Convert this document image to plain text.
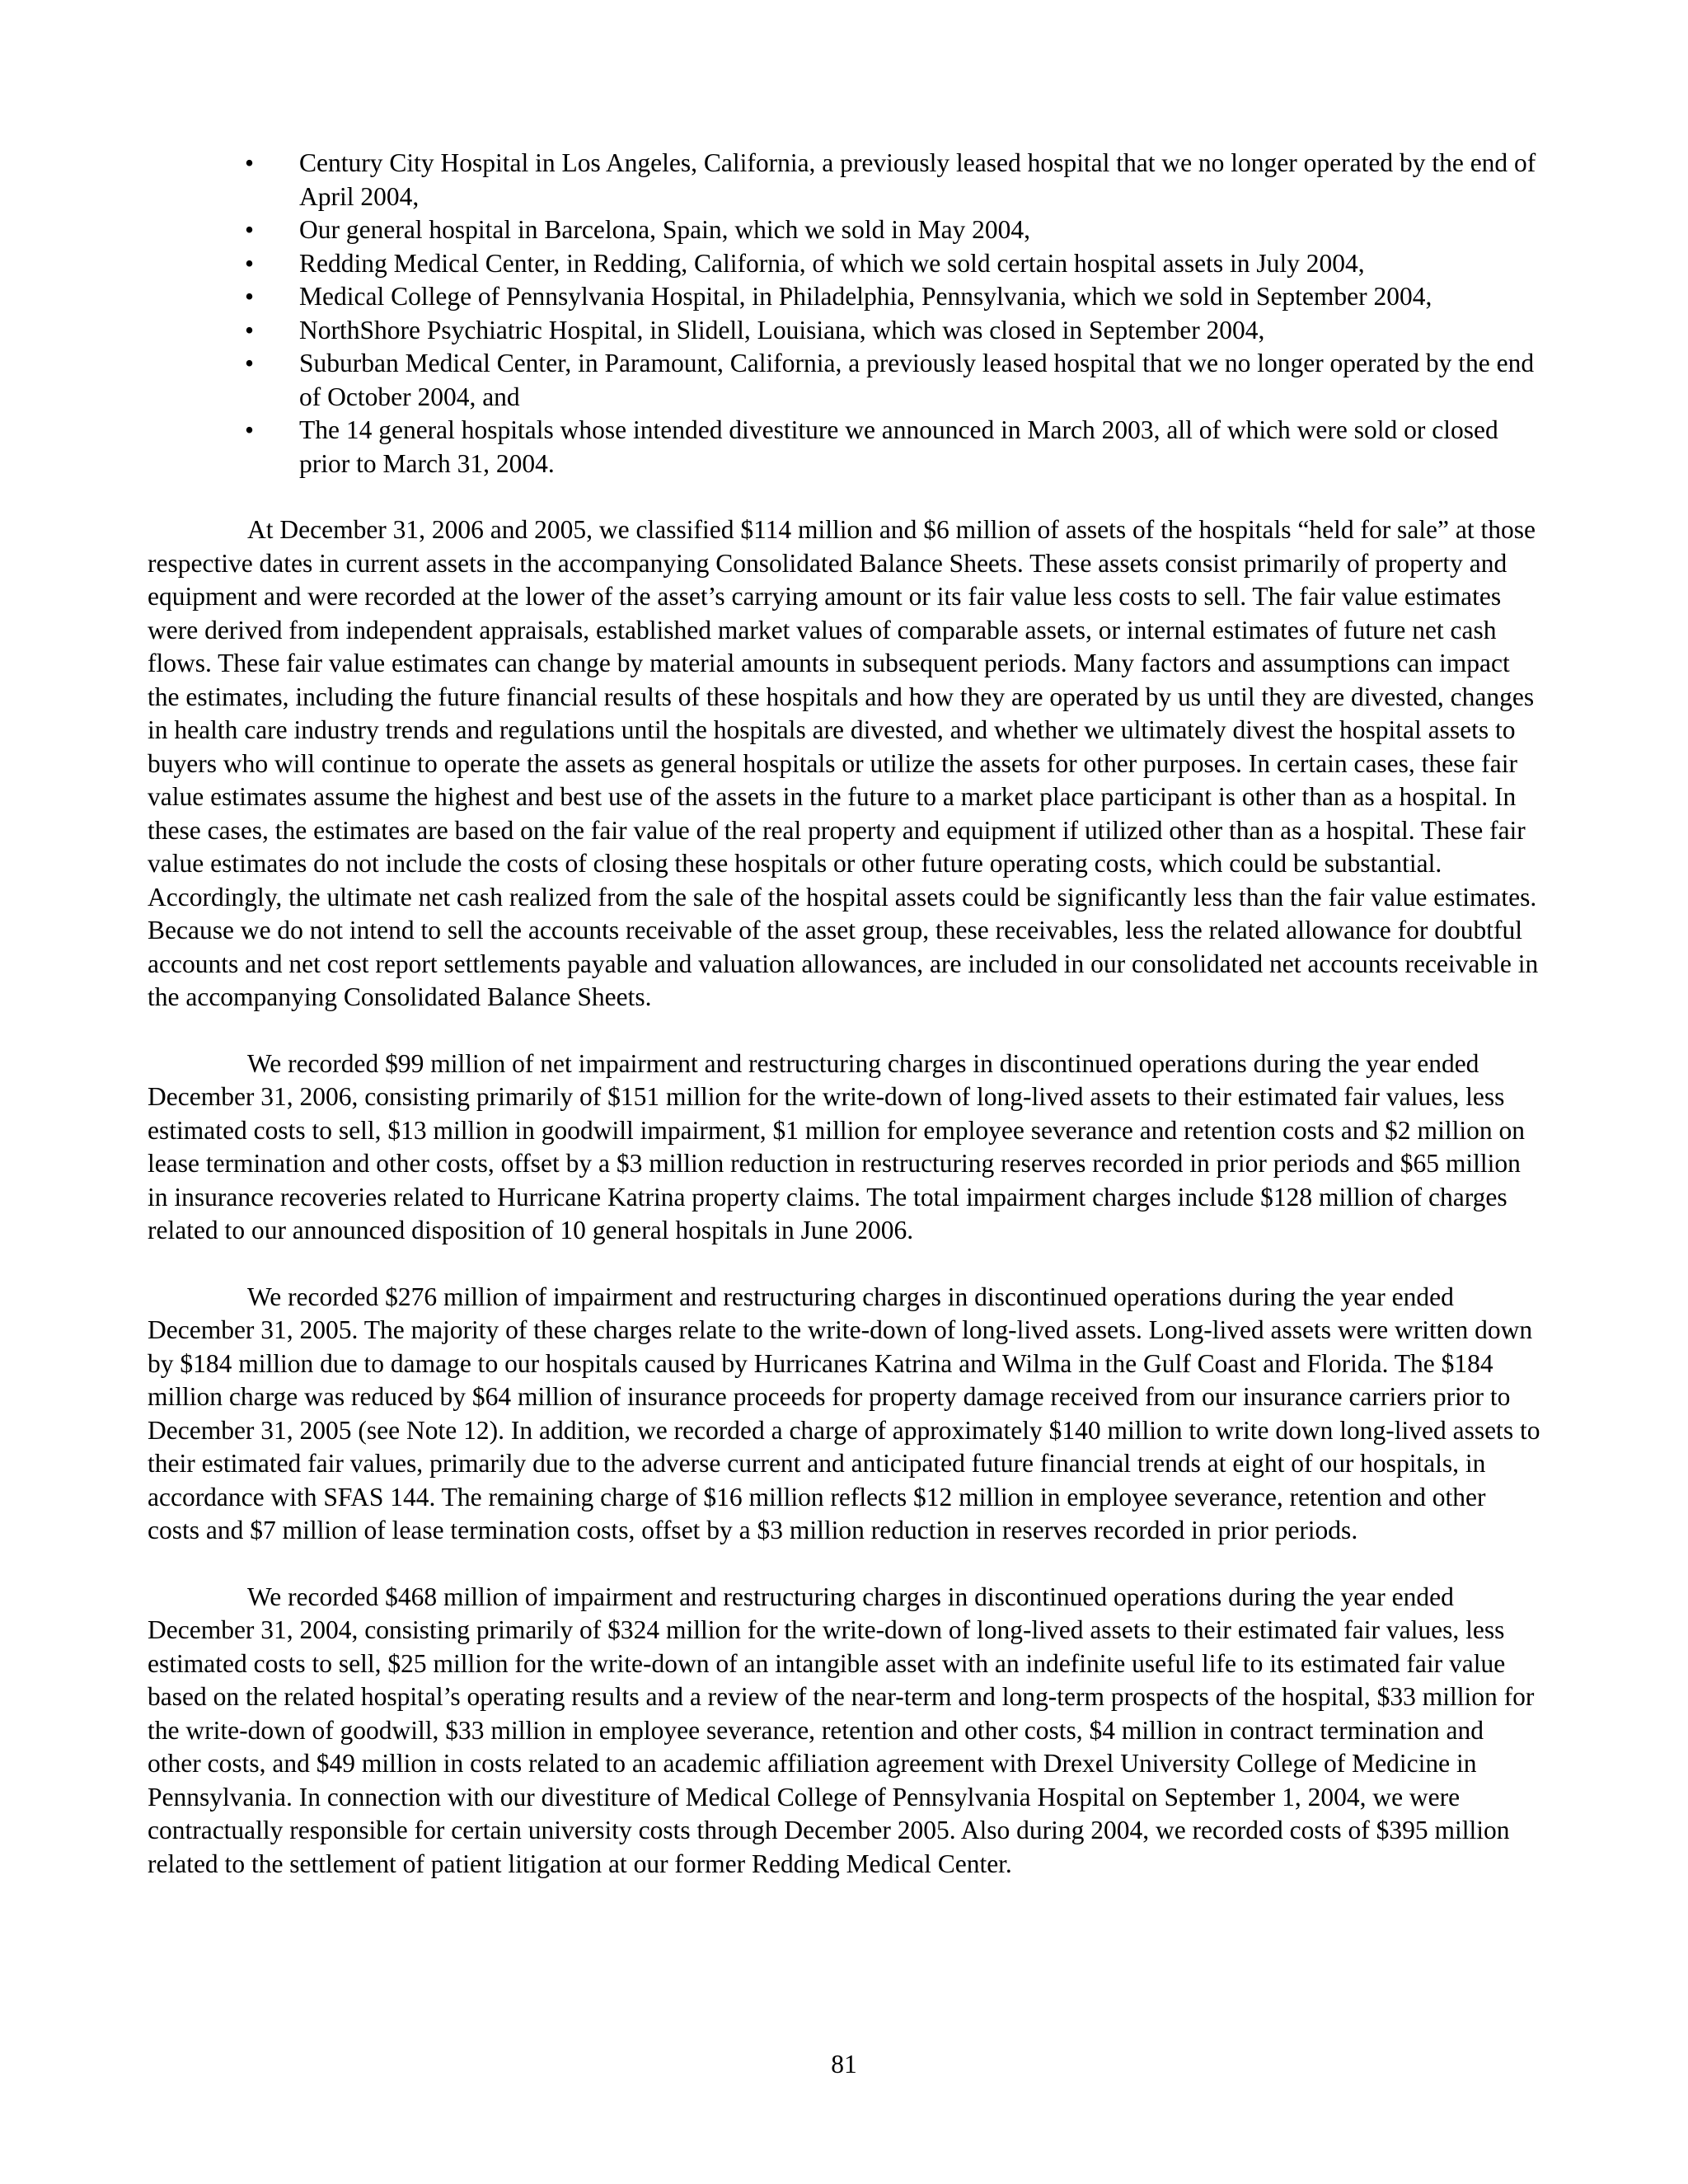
• Century City Hospital in Los Angeles, California, a previously leased hospital that we no longer operated by the end of April 2004,
• Our general hospital in Barcelona, Spain, which we sold in May 2004,
• Redding Medical Center, in Redding, California, of which we sold certain hospital assets in July 2004,
• Medical College of Pennsylvania Hospital, in Philadelphia, Pennsylvania, which we sold in September 2004,
• NorthShore Psychiatric Hospital, in Slidell, Louisiana, which was closed in September 2004,
• Suburban Medical Center, in Paramount, California, a previously leased hospital that we no longer operated by the end of October 2004, and
• The 14 general hospitals whose intended divestiture we announced in March 2003, all of which were sold or closed prior to March 31, 2004.

At December 31, 2006 and 2005, we classified $114 million and $6 million of assets of the hospitals “held for sale” at those respective dates in current assets in the accompanying Consolidated Balance Sheets. These assets consist primarily of property and equipment and were recorded at the lower of the asset’s carrying amount or its fair value less costs to sell. The fair value estimates were derived from independent appraisals, established market values of comparable assets, or internal estimates of future net cash flows. These fair value estimates can change by material amounts in subsequent periods. Many factors and assumptions can impact the estimates, including the future financial results of these hospitals and how they are operated by us until they are divested, changes in health care industry trends and regulations until the hospitals are divested, and whether we ultimately divest the hospital assets to buyers who will continue to operate the assets as general hospitals or utilize the assets for other purposes. In certain cases, these fair value estimates assume the highest and best use of the assets in the future to a market place participant is other than as a hospital. In these cases, the estimates are based on the fair value of the real property and equipment if utilized other than as a hospital. These fair value estimates do not include the costs of closing these hospitals or other future operating costs, which could be substantial. Accordingly, the ultimate net cash realized from the sale of the hospital assets could be significantly less than the fair value estimates. Because we do not intend to sell the accounts receivable of the asset group, these receivables, less the related allowance for doubtful accounts and net cost report settlements payable and valuation allowances, are included in our consolidated net accounts receivable in the accompanying Consolidated Balance Sheets.

We recorded $99 million of net impairment and restructuring charges in discontinued operations during the year ended December 31, 2006, consisting primarily of $151 million for the write-down of long-lived assets to their estimated fair values, less estimated costs to sell, $13 million in goodwill impairment, $1 million for employee severance and retention costs and $2 million on lease termination and other costs, offset by a $3 million reduction in restructuring reserves recorded in prior periods and $65 million in insurance recoveries related to Hurricane Katrina property claims. The total impairment charges include $128 million of charges related to our announced disposition of 10 general hospitals in June 2006.

We recorded $276 million of impairment and restructuring charges in discontinued operations during the year ended December 31, 2005. The majority of these charges relate to the write-down of long-lived assets. Long-lived assets were written down by $184 million due to damage to our hospitals caused by Hurricanes Katrina and Wilma in the Gulf Coast and Florida. The $184 million charge was reduced by $64 million of insurance proceeds for property damage received from our insurance carriers prior to December 31, 2005 (see Note 12). In addition, we recorded a charge of approximately $140 million to write down long-lived assets to their estimated fair values, primarily due to the adverse current and anticipated future financial trends at eight of our hospitals, in accordance with SFAS 144. The remaining charge of $16 million reflects $12 million in employee severance, retention and other costs and $7 million of lease termination costs, offset by a $3 million reduction in reserves recorded in prior periods.

We recorded $468 million of impairment and restructuring charges in discontinued operations during the year ended December 31, 2004, consisting primarily of $324 million for the write-down of long-lived assets to their estimated fair values, less estimated costs to sell, $25 million for the write-down of an intangible asset with an indefinite useful life to its estimated fair value based on the related hospital’s operating results and a review of the near-term and long-term prospects of the hospital, $33 million for the write-down of goodwill, $33 million in employee severance, retention and other costs, $4 million in contract termination and other costs, and $49 million in costs related to an academic affiliation agreement with Drexel University College of Medicine in Pennsylvania. In connection with our divestiture of Medical College of Pennsylvania Hospital on September 1, 2004, we were contractually responsible for certain university costs through December 2005. Also during 2004, we recorded costs of $395 million related to the settlement of patient litigation at our former Redding Medical Center.

81
